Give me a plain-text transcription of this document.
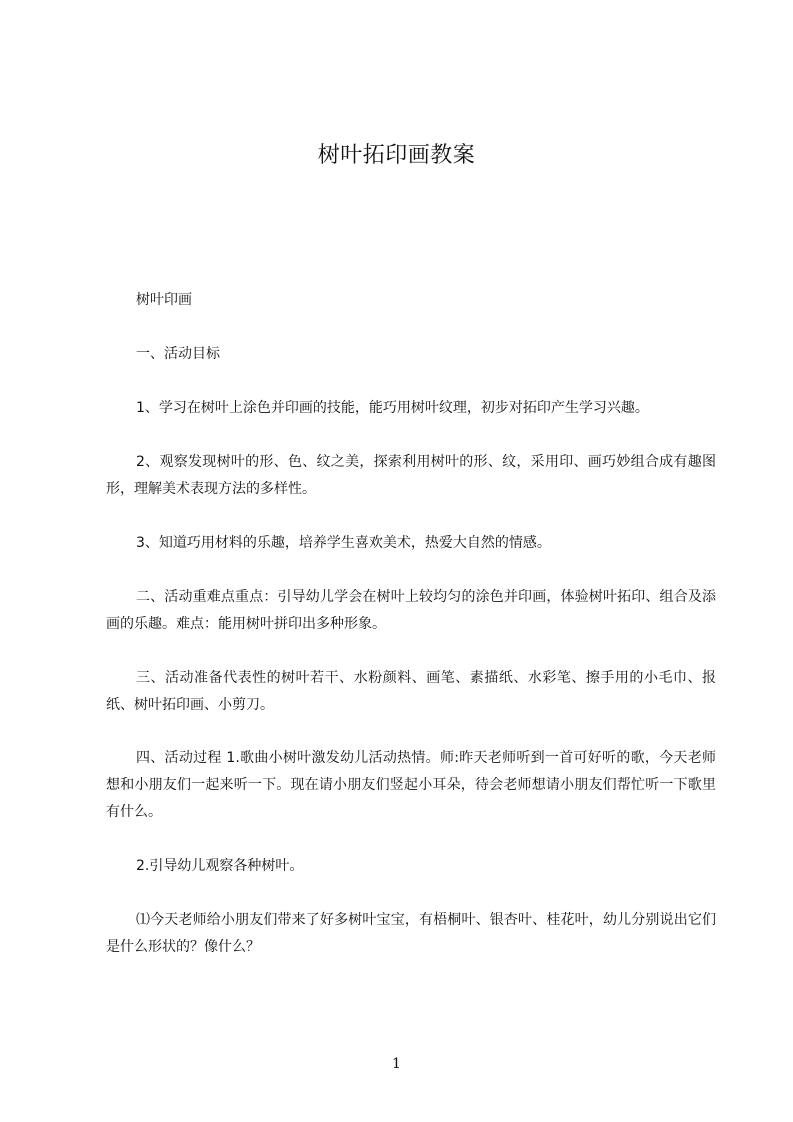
树叶拓印画教案

树叶印画

一、活动目标

1、学习在树叶上涂色并印画的技能，能巧用树叶纹理，初步对拓印产生学习兴趣。

2、观察发现树叶的形、色、纹之美，探索利用树叶的形、纹，采用印、画巧妙组合成有趣图形，理解美术表现方法的多样性。

3、知道巧用材料的乐趣，培养学生喜欢美术，热爱大自然的情感。

二、活动重难点重点：引导幼儿学会在树叶上较均匀的涂色并印画，体验树叶拓印、组合及添画的乐趣。难点：能用树叶拼印出多种形象。

三、活动准备代表性的树叶若干、水粉颜料、画笔、素描纸、水彩笔、擦手用的小毛巾、报纸、树叶拓印画、小剪刀。

四、活动过程 1.歌曲小树叶激发幼儿活动热情。师:昨天老师听到一首可好听的歌，今天老师想和小朋友们一起来听一下。现在请小朋友们竖起小耳朵，待会老师想请小朋友们帮忙听一下歌里有什么。

2.引导幼儿观察各种树叶。

⑴今天老师给小朋友们带来了好多树叶宝宝，有梧桐叶、银杏叶、桂花叶，幼儿分别说出它们是什么形状的？像什么？

1
